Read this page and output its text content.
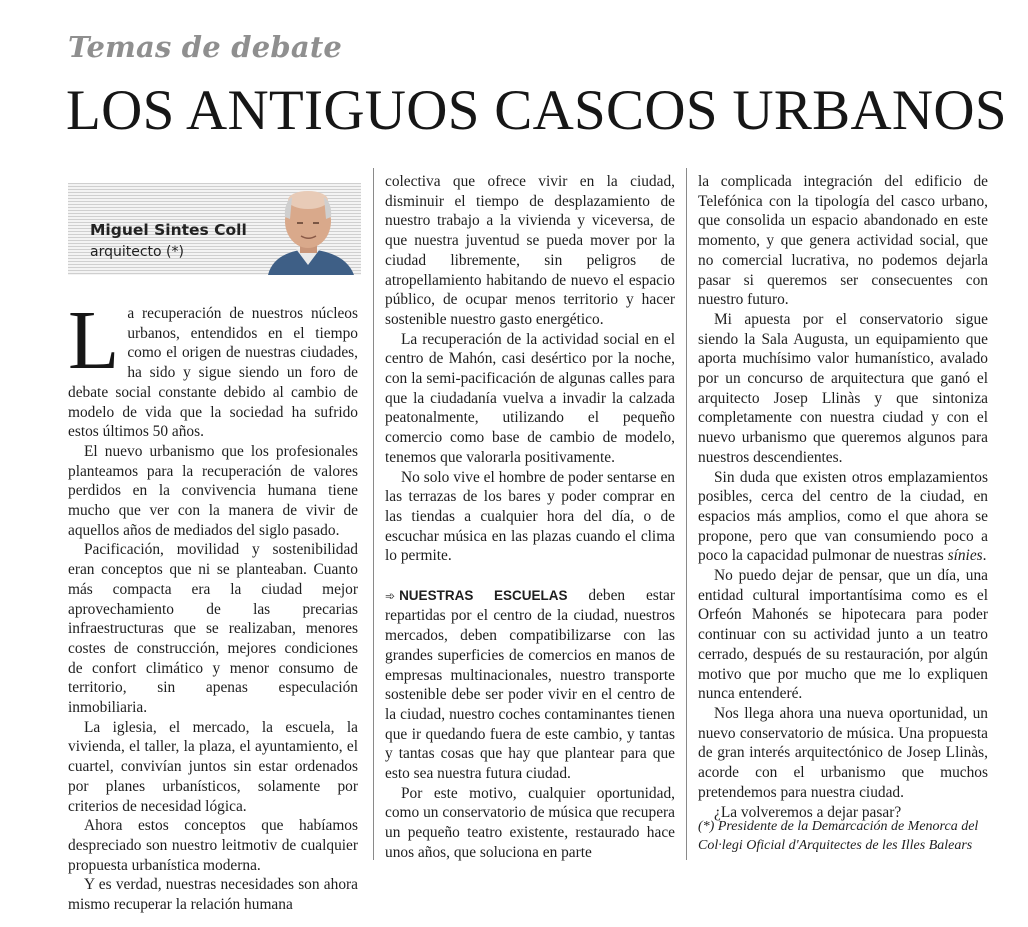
Temas de debate
LOS ANTIGUOS CASCOS URBANOS
Miguel Sintes Coll
arquitecto (*)

La recuperación de nuestros núcleos urbanos, entendidos en el tiempo como el origen de nuestras ciudades, ha sido y sigue siendo un foro de debate social constante debido al cambio de modelo de vida que la sociedad ha sufrido estos últimos 50 años.

El nuevo urbanismo que los profesionales planteamos para la recuperación de valores perdidos en la convivencia humana tiene mucho que ver con la manera de vivir de aquellos años de mediados del siglo pasado.

Pacificación, movilidad y sostenibilidad eran conceptos que ni se planteaban. Cuanto más compacta era la ciudad mejor aprovechamiento de las precarias infraestructuras que se realizaban, menores costes de construcción, mejores condiciones de confort climático y menor consumo de territorio, sin apenas especulación inmobiliaria.

La iglesia, el mercado, la escuela, la vivienda, el taller, la plaza, el ayuntamiento, el cuartel, convivían juntos sin estar ordenados por planes urbanísticos, solamente por criterios de necesidad lógica.

Ahora estos conceptos que habíamos despreciado son nuestro leitmotiv de cualquier propuesta urbanística moderna.

Y es verdad, nuestras necesidades son ahora mismo recuperar la relación humana

colectiva que ofrece vivir en la ciudad, disminuir el tiempo de desplazamiento de nuestro trabajo a la vivienda y viceversa, de que nuestra juventud se pueda mover por la ciudad libremente, sin peligros de atropellamiento habitando de nuevo el espacio público, de ocupar menos territorio y hacer sostenible nuestro gasto energético.

La recuperación de la actividad social en el centro de Mahón, casi desértico por la noche, con la semi-pacificación de algunas calles para que la ciudadanía vuelva a invadir la calzada peatonalmente, utilizando el pequeño comercio como base de cambio de modelo, tenemos que valorarla positivamente.

No solo vive el hombre de poder sentarse en las terrazas de los bares y poder comprar en las tiendas a cualquier hora del día, o de escuchar música en las plazas cuando el clima lo permite.

➾ NUESTRAS ESCUELAS deben estar repartidas por el centro de la ciudad, nuestros mercados, deben compatibilizarse con las grandes superficies de comercios en manos de empresas multinacionales, nuestro transporte sostenible debe ser poder vivir en el centro de la ciudad, nuestro coches contaminantes tienen que ir quedando fuera de este cambio, y tantas y tantas cosas que hay que plantear para que esto sea nuestra futura ciudad.

Por este motivo, cualquier oportunidad, como un conservatorio de música que recupera un pequeño teatro existente, restaurado hace unos años, que soluciona en parte

la complicada integración del edificio de Telefónica con la tipología del casco urbano, que consolida un espacio abandonado en este momento, y que genera actividad social, que no comercial lucrativa, no podemos dejarla pasar si queremos ser consecuentes con nuestro futuro.

Mi apuesta por el conservatorio sigue siendo la Sala Augusta, un equipamiento que aporta muchísimo valor humanístico, avalado por un concurso de arquitectura que ganó el arquitecto Josep Llinàs y que sintoniza completamente con nuestra ciudad y con el nuevo urbanismo que queremos algunos para nuestros descendientes.

Sin duda que existen otros emplazamientos posibles, cerca del centro de la ciudad, en espacios más amplios, como el que ahora se propone, pero que van consumiendo poco a poco la capacidad pulmonar de nuestras sínies.

No puedo dejar de pensar, que un día, una entidad cultural importantísima como es el Orfeón Mahonés se hipotecara para poder continuar con su actividad junto a un teatro cerrado, después de su restauración, por algún motivo que por mucho que me lo expliquen nunca entenderé.

Nos llega ahora una nueva oportunidad, un nuevo conservatorio de música. Una propuesta de gran interés arquitectónico de Josep Llinàs, acorde con el urbanismo que muchos pretendemos para nuestra ciudad.

¿La volveremos a dejar pasar?

(*) Presidente de la Demarcación de Menorca del Col·legi Oficial d'Arquitectes de les Illes Balears
